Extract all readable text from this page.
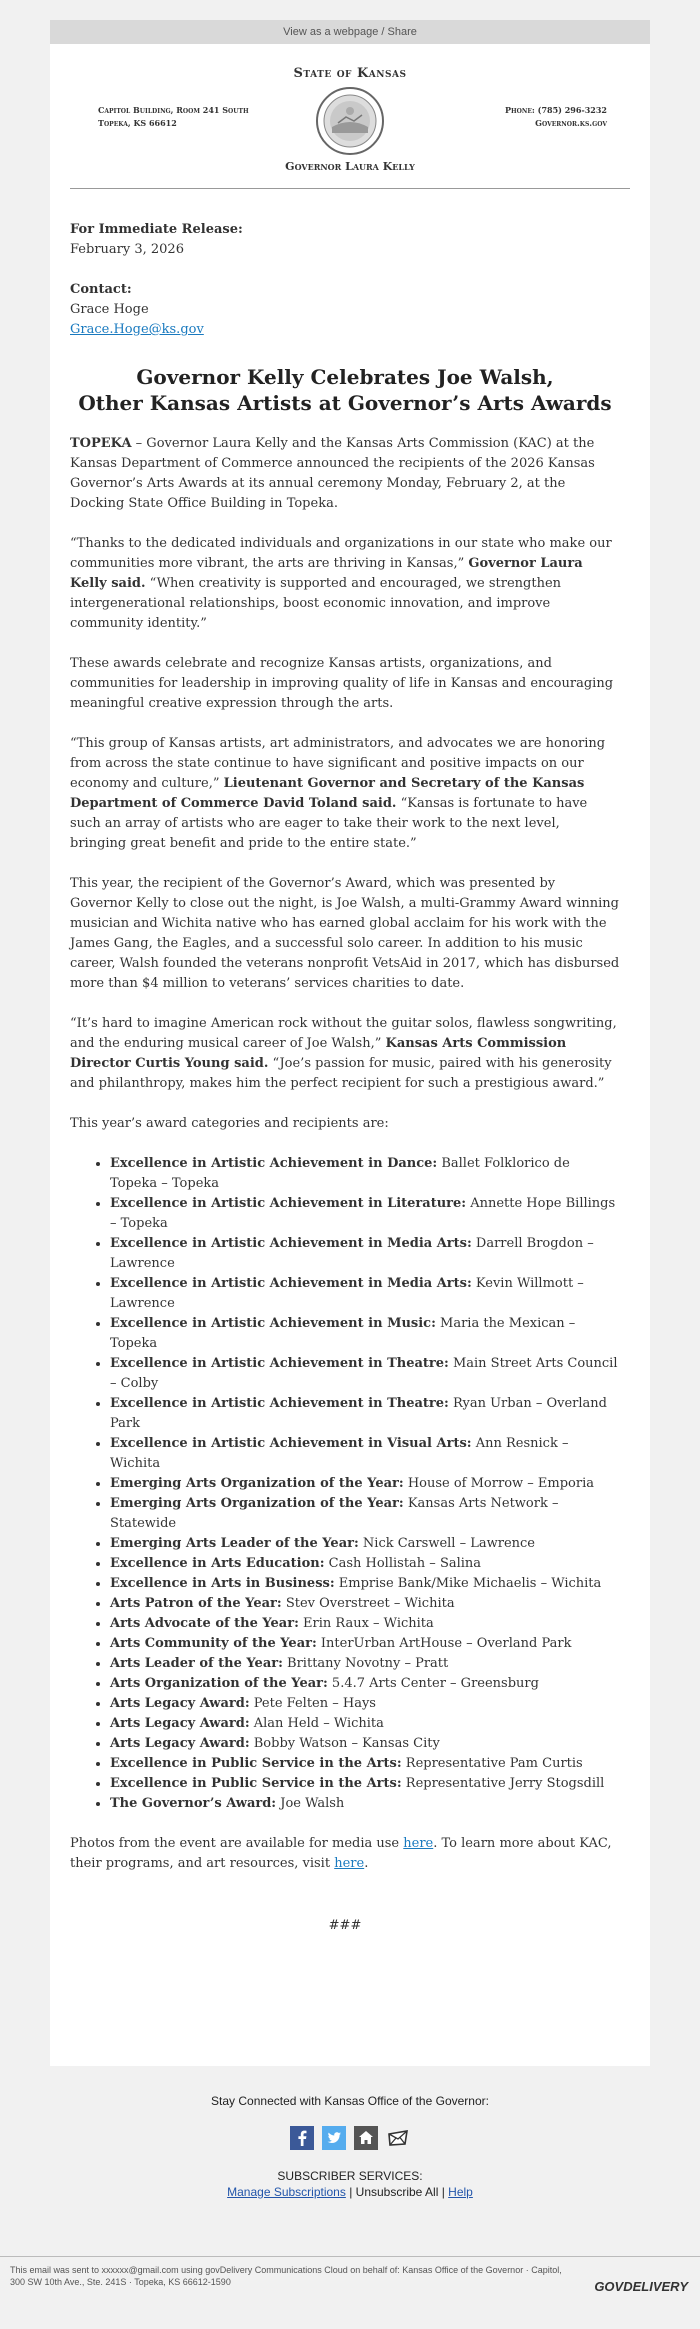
View as a webpage / Share
State of Kansas
Capitol Building, Room 241 South
Topeka, KS 66612
Phone: (785) 296-3232
Governor.ks.gov
Governor Laura Kelly
For Immediate Release:
February 3, 2026
Contact:
Grace Hoge
Grace.Hoge@ks.gov
Governor Kelly Celebrates Joe Walsh,
Other Kansas Artists at Governor’s Arts Awards

TOPEKA – Governor Laura Kelly and the Kansas Arts Commission (KAC) at the Kansas Department of Commerce announced the recipients of the 2026 Kansas Governor’s Arts Awards at its annual ceremony Monday, February 2, at the Docking State Office Building in Topeka.

“Thanks to the dedicated individuals and organizations in our state who make our communities more vibrant, the arts are thriving in Kansas,” Governor Laura Kelly said. “When creativity is supported and encouraged, we strengthen intergenerational relationships, boost economic innovation, and improve community identity.”

These awards celebrate and recognize Kansas artists, organizations, and communities for leadership in improving quality of life in Kansas and encouraging meaningful creative expression through the arts.

“This group of Kansas artists, art administrators, and advocates we are honoring from across the state continue to have significant and positive impacts on our economy and culture,” Lieutenant Governor and Secretary of the Kansas Department of Commerce David Toland said. “Kansas is fortunate to have such an array of artists who are eager to take their work to the next level, bringing great benefit and pride to the entire state.”

This year, the recipient of the Governor’s Award, which was presented by Governor Kelly to close out the night, is Joe Walsh, a multi-Grammy Award winning musician and Wichita native who has earned global acclaim for his work with the James Gang, the Eagles, and a successful solo career. In addition to his music career, Walsh founded the veterans nonprofit VetsAid in 2017, which has disbursed more than $4 million to veterans’ services charities to date.

“It’s hard to imagine American rock without the guitar solos, flawless songwriting, and the enduring musical career of Joe Walsh,” Kansas Arts Commission Director Curtis Young said. “Joe’s passion for music, paired with his generosity and philanthropy, makes him the perfect recipient for such a prestigious award.”

This year’s award categories and recipients are:

• Excellence in Artistic Achievement in Dance: Ballet Folklorico de Topeka – Topeka
• Excellence in Artistic Achievement in Literature: Annette Hope Billings – Topeka
• Excellence in Artistic Achievement in Media Arts: Darrell Brogdon – Lawrence
• Excellence in Artistic Achievement in Media Arts: Kevin Willmott – Lawrence
• Excellence in Artistic Achievement in Music: Maria the Mexican – Topeka
• Excellence in Artistic Achievement in Theatre: Main Street Arts Council – Colby
• Excellence in Artistic Achievement in Theatre: Ryan Urban – Overland Park
• Excellence in Artistic Achievement in Visual Arts: Ann Resnick – Wichita
• Emerging Arts Organization of the Year: House of Morrow – Emporia
• Emerging Arts Organization of the Year: Kansas Arts Network – Statewide
• Emerging Arts Leader of the Year: Nick Carswell – Lawrence
• Excellence in Arts Education: Cash Hollistah – Salina
• Excellence in Arts in Business: Emprise Bank/Mike Michaelis – Wichita
• Arts Patron of the Year: Stev Overstreet – Wichita
• Arts Advocate of the Year: Erin Raux – Wichita
• Arts Community of the Year: InterUrban ArtHouse – Overland Park
• Arts Leader of the Year: Brittany Novotny – Pratt
• Arts Organization of the Year: 5.4.7 Arts Center – Greensburg
• Arts Legacy Award: Pete Felten – Hays
• Arts Legacy Award: Alan Held – Wichita
• Arts Legacy Award: Bobby Watson – Kansas City
• Excellence in Public Service in the Arts: Representative Pam Curtis
• Excellence in Public Service in the Arts: Representative Jerry Stogsdill
• The Governor’s Award: Joe Walsh

Photos from the event are available for media use here. To learn more about KAC, their programs, and art resources, visit here.

###
Stay Connected with Kansas Office of the Governor:
SUBSCRIBER SERVICES:
Manage Subscriptions | Unsubscribe All | Help
This email was sent to xxxxxx@gmail.com using govDelivery Communications Cloud on behalf of: Kansas Office of the Governor · Capitol, 300 SW 10th Ave., Ste. 241S · Topeka, KS 66612-1590	GOVDELIVERY
